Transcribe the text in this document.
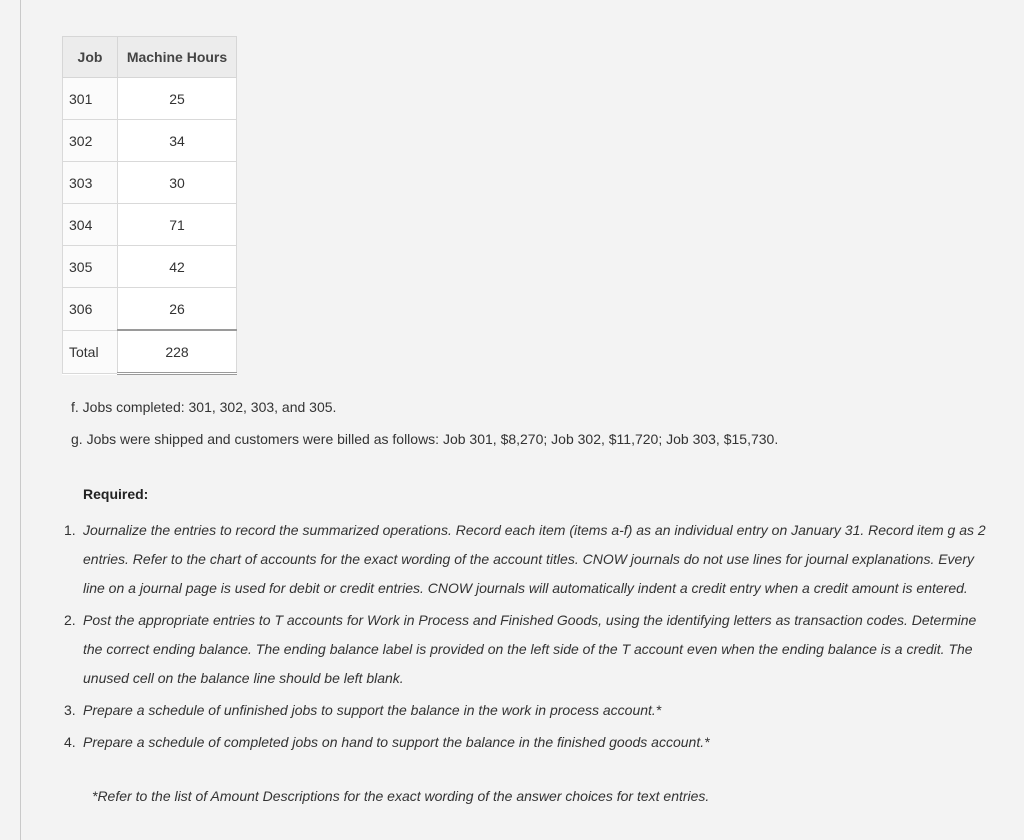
Job	Machine Hours
301	25
302	34
303	30
304	71
305	42
306	26
Total	228
f. Jobs completed: 301, 302, 303, and 305.
g. Jobs were shipped and customers were billed as follows: Job 301, $8,270; Job 302, $11,720; Job 303, $15,730.
Required:
1. Journalize the entries to record the summarized operations. Record each item (items a-f) as an individual entry on January 31. Record item g as 2 entries. Refer to the chart of accounts for the exact wording of the account titles. CNOW journals do not use lines for journal explanations. Every line on a journal page is used for debit or credit entries. CNOW journals will automatically indent a credit entry when a credit amount is entered.
2. Post the appropriate entries to T accounts for Work in Process and Finished Goods, using the identifying letters as transaction codes. Determine the correct ending balance. The ending balance label is provided on the left side of the T account even when the ending balance is a credit. The unused cell on the balance line should be left blank.
3. Prepare a schedule of unfinished jobs to support the balance in the work in process account.*
4. Prepare a schedule of completed jobs on hand to support the balance in the finished goods account.*
*Refer to the list of Amount Descriptions for the exact wording of the answer choices for text entries.
